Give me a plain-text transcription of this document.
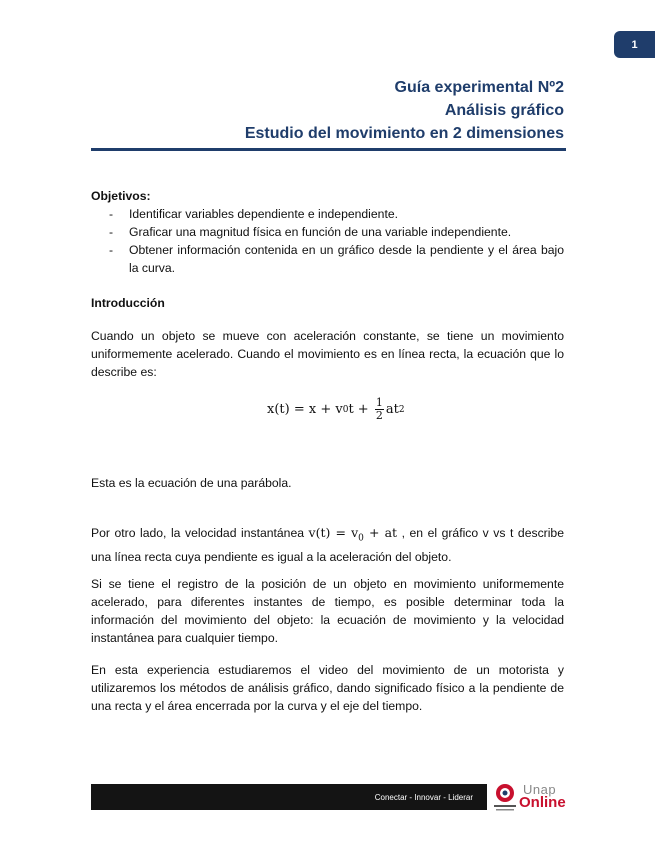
1
Guía experimental Nº2
Análisis gráfico
Estudio del movimiento en 2 dimensiones
Objetivos:
- Identificar variables dependiente e independiente.
- Graficar una magnitud física en función de una variable independiente.
- Obtener información contenida en un gráfico desde la pendiente y el área bajo la curva.
Introducción
Cuando un objeto se mueve con aceleración constante, se tiene un movimiento uniformemente acelerado. Cuando el movimiento es en línea recta, la ecuación que lo describe es:
x(t) = x + v 0 $t + \frac{1}{2}$ at 2
Esta es la ecuación de una parábola.
Por otro lado, la velocidad instantánea $v(t) = v_0$ + at , en el gráfico v vs t describe una línea recta cuya pendiente es igual a la aceleración del objeto.
Si se tiene el registro de la posición de un objeto en movimiento uniformemente acelerado, para diferentes instantes de tiempo, es posible determinar toda la información del movimiento del objeto: la ecuación de movimiento y la velocidad instantánea para cualquier tiempo.
En esta experiencia estudiaremos el video del movimiento de un motorista y utilizaremos los métodos de análisis gráfico, dando significado físico a la pendiente de una recta y el área encerrada por la curva y el eje del tiempo.
Conectar - Innovar - Liderar	Unap
Online
